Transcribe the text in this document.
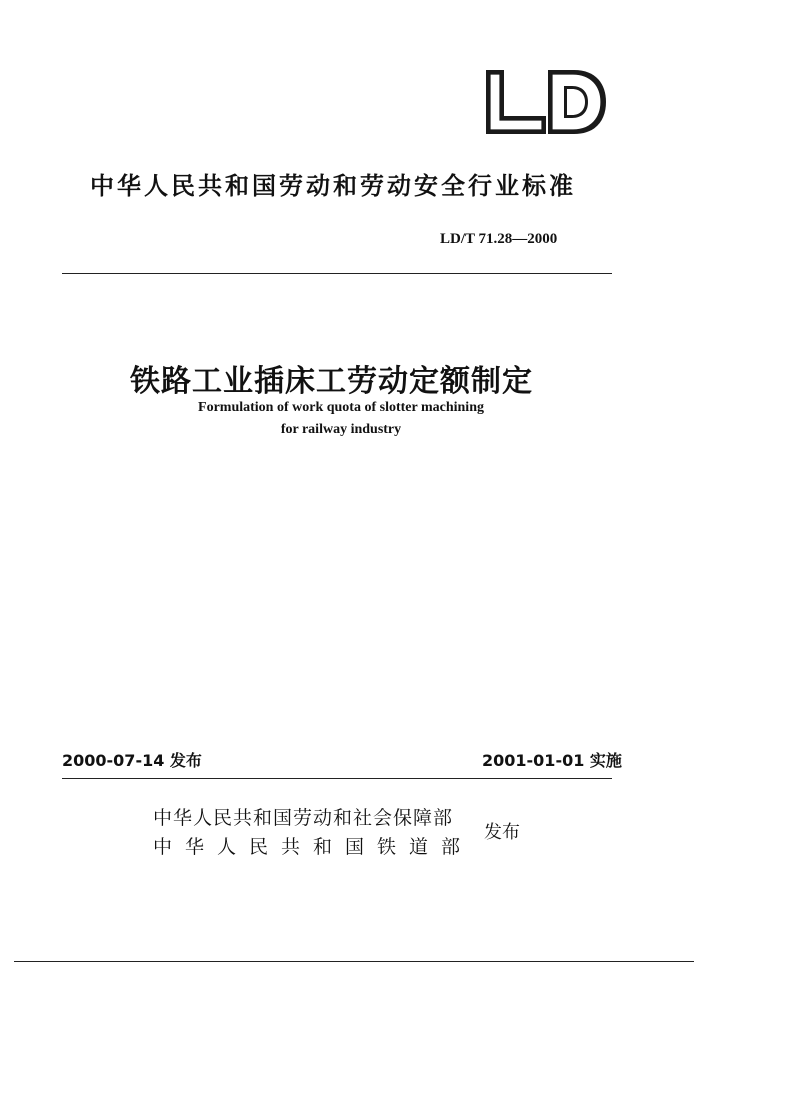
中华人民共和国劳动和劳动安全行业标准
LD/T 71.28—2000
铁路工业插床工劳动定额制定
Formulation of work quota of slotter machining
for railway industry
2000-07-14 发布	2001-01-01 实施
中华人民共和国劳动和社会保障部
中华人民共和国铁道部
发布
